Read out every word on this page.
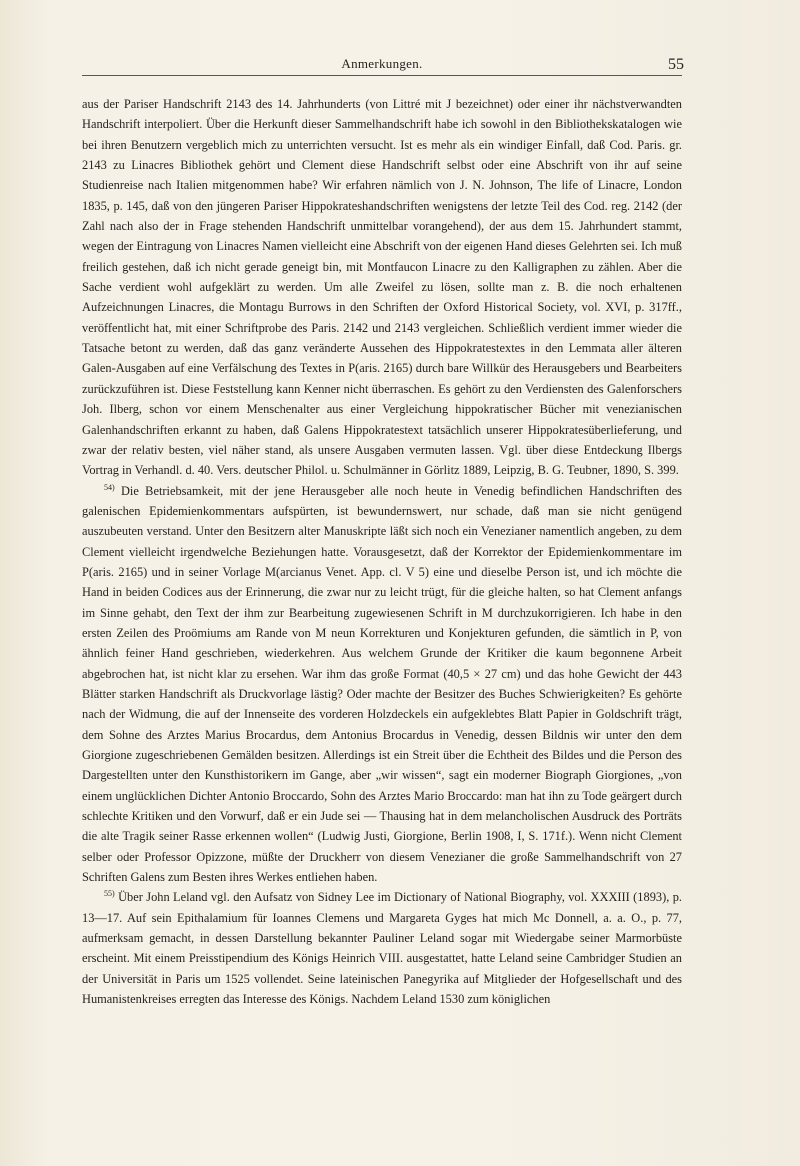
Anmerkungen.	55

aus der Pariser Handschrift 2143 des 14. Jahrhunderts (von Littré mit J bezeichnet) oder einer ihr nächstverwandten Handschrift interpoliert. Über die Herkunft dieser Sammelhandschrift habe ich sowohl in den Bibliothekskatalogen wie bei ihren Benutzern vergeblich mich zu unterrichten versucht. Ist es mehr als ein windiger Einfall, daß Cod. Paris. gr. 2143 zu Linacres Bibliothek gehört und Clement diese Handschrift selbst oder eine Abschrift von ihr auf seine Studienreise nach Italien mitgenommen habe? Wir erfahren nämlich von J. N. Johnson, The life of Linacre, London 1835, p. 145, daß von den jüngeren Pariser Hippokrateshandschriften wenigstens der letzte Teil des Cod. reg. 2142 (der Zahl nach also der in Frage stehenden Handschrift unmittelbar vorangehend), der aus dem 15. Jahrhundert stammt, wegen der Eintragung von Linacres Namen vielleicht eine Abschrift von der eigenen Hand dieses Gelehrten sei. Ich muß freilich gestehen, daß ich nicht gerade geneigt bin, mit Montfaucon Linacre zu den Kalligraphen zu zählen. Aber die Sache verdient wohl aufgeklärt zu werden. Um alle Zweifel zu lösen, sollte man z. B. die noch erhaltenen Aufzeichnungen Linacres, die Montagu Burrows in den Schriften der Oxford Historical Society, vol. XVI, p. 317ff., veröffentlicht hat, mit einer Schriftprobe des Paris. 2142 und 2143 vergleichen. Schließlich verdient immer wieder die Tatsache betont zu werden, daß das ganz veränderte Aussehen des Hippokratestextes in den Lemmata aller älteren Galen-Ausgaben auf eine Verfälschung des Textes in P(aris. 2165) durch bare Willkür des Herausgebers und Bearbeiters zurückzuführen ist. Diese Feststellung kann Kenner nicht überraschen. Es gehört zu den Verdiensten des Galenforschers Joh. Ilberg, schon vor einem Menschenalter aus einer Vergleichung hippokratischer Bücher mit venezianischen Galenhandschriften erkannt zu haben, daß Galens Hippokratestext tatsächlich unserer Hippokratesüberlieferung, und zwar der relativ besten, viel näher stand, als unsere Ausgaben vermuten lassen. Vgl. über diese Entdeckung Ilbergs Vortrag in Verhandl. d. 40. Vers. deutscher Philol. u. Schulmänner in Görlitz 1889, Leipzig, B. G. Teubner, 1890, S. 399.

$^{54)}$ Die Betriebsamkeit, mit der jene Herausgeber alle noch heute in Venedig befindlichen Handschriften des galenischen Epidemienkommentars aufspürten, ist bewundernswert, nur schade, daß man sie nicht genügend auszubeuten verstand. Unter den Besitzern alter Manuskripte läßt sich noch ein Venezianer namentlich angeben, zu dem Clement vielleicht irgendwelche Beziehungen hatte. Vorausgesetzt, daß der Korrektor der Epidemienkommentare im P(aris. 2165) und in seiner Vorlage M(arcianus Venet. App. cl. V 5) eine und dieselbe Person ist, und ich möchte die Hand in beiden Codices aus der Erinnerung, die zwar nur zu leicht trügt, für die gleiche halten, so hat Clement anfangs im Sinne gehabt, den Text der ihm zur Bearbeitung zugewiesenen Schrift in M durchzukorrigieren. Ich habe in den ersten Zeilen des Proömiums am Rande von M neun Korrekturen und Konjekturen gefunden, die sämtlich in P, von ähnlich feiner Hand geschrieben, wiederkehren. Aus welchem Grunde der Kritiker die kaum begonnene Arbeit abgebrochen hat, ist nicht klar zu ersehen. War ihm das große Format (40,5 × 27 cm) und das hohe Gewicht der 443 Blätter starken Handschrift als Druckvorlage lästig? Oder machte der Besitzer des Buches Schwierigkeiten? Es gehörte nach der Widmung, die auf der Innenseite des vorderen Holzdeckels ein aufgeklebtes Blatt Papier in Goldschrift trägt, dem Sohne des Arztes Marius Brocardus, dem Antonius Brocardus in Venedig, dessen Bildnis wir unter den dem Giorgione zugeschriebenen Gemälden besitzen. Allerdings ist ein Streit über die Echtheit des Bildes und die Person des Dargestellten unter den Kunsthistorikern im Gange, aber „wir wissen“, sagt ein moderner Biograph Giorgiones, „von einem unglücklichen Dichter Antonio Broccardo, Sohn des Arztes Mario Broccardo: man hat ihn zu Tode geärgert durch schlechte Kritiken und den Vorwurf, daß er ein Jude sei — Thausing hat in dem melancholischen Ausdruck des Porträts die alte Tragik seiner Rasse erkennen wollen“ (Ludwig Justi, Giorgione, Berlin 1908, I, S. 171f.). Wenn nicht Clement selber oder Professor Opizzone, müßte der Druckherr von diesem Venezianer die große Sammelhandschrift von 27 Schriften Galens zum Besten ihres Werkes entliehen haben.

$^{55)}$ Über John Leland vgl. den Aufsatz von Sidney Lee im Dictionary of National Biography, vol. XXXIII (1893), p. 13—17. Auf sein Epithalamium für Ioannes Clemens und Margareta Gyges hat mich Mc Donnell, a. a. O., p. 77, aufmerksam gemacht, in dessen Darstellung bekannter Pauliner Leland sogar mit Wiedergabe seiner Marmorbüste erscheint. Mit einem Preisstipendium des Königs Heinrich VIII. ausgestattet, hatte Leland seine Cambridger Studien an der Universität in Paris um 1525 vollendet. Seine lateinischen Panegyrika auf Mitglieder der Hofgesellschaft und des Humanistenkreises erregten das Interesse des Königs. Nachdem Leland 1530 zum königlichen
